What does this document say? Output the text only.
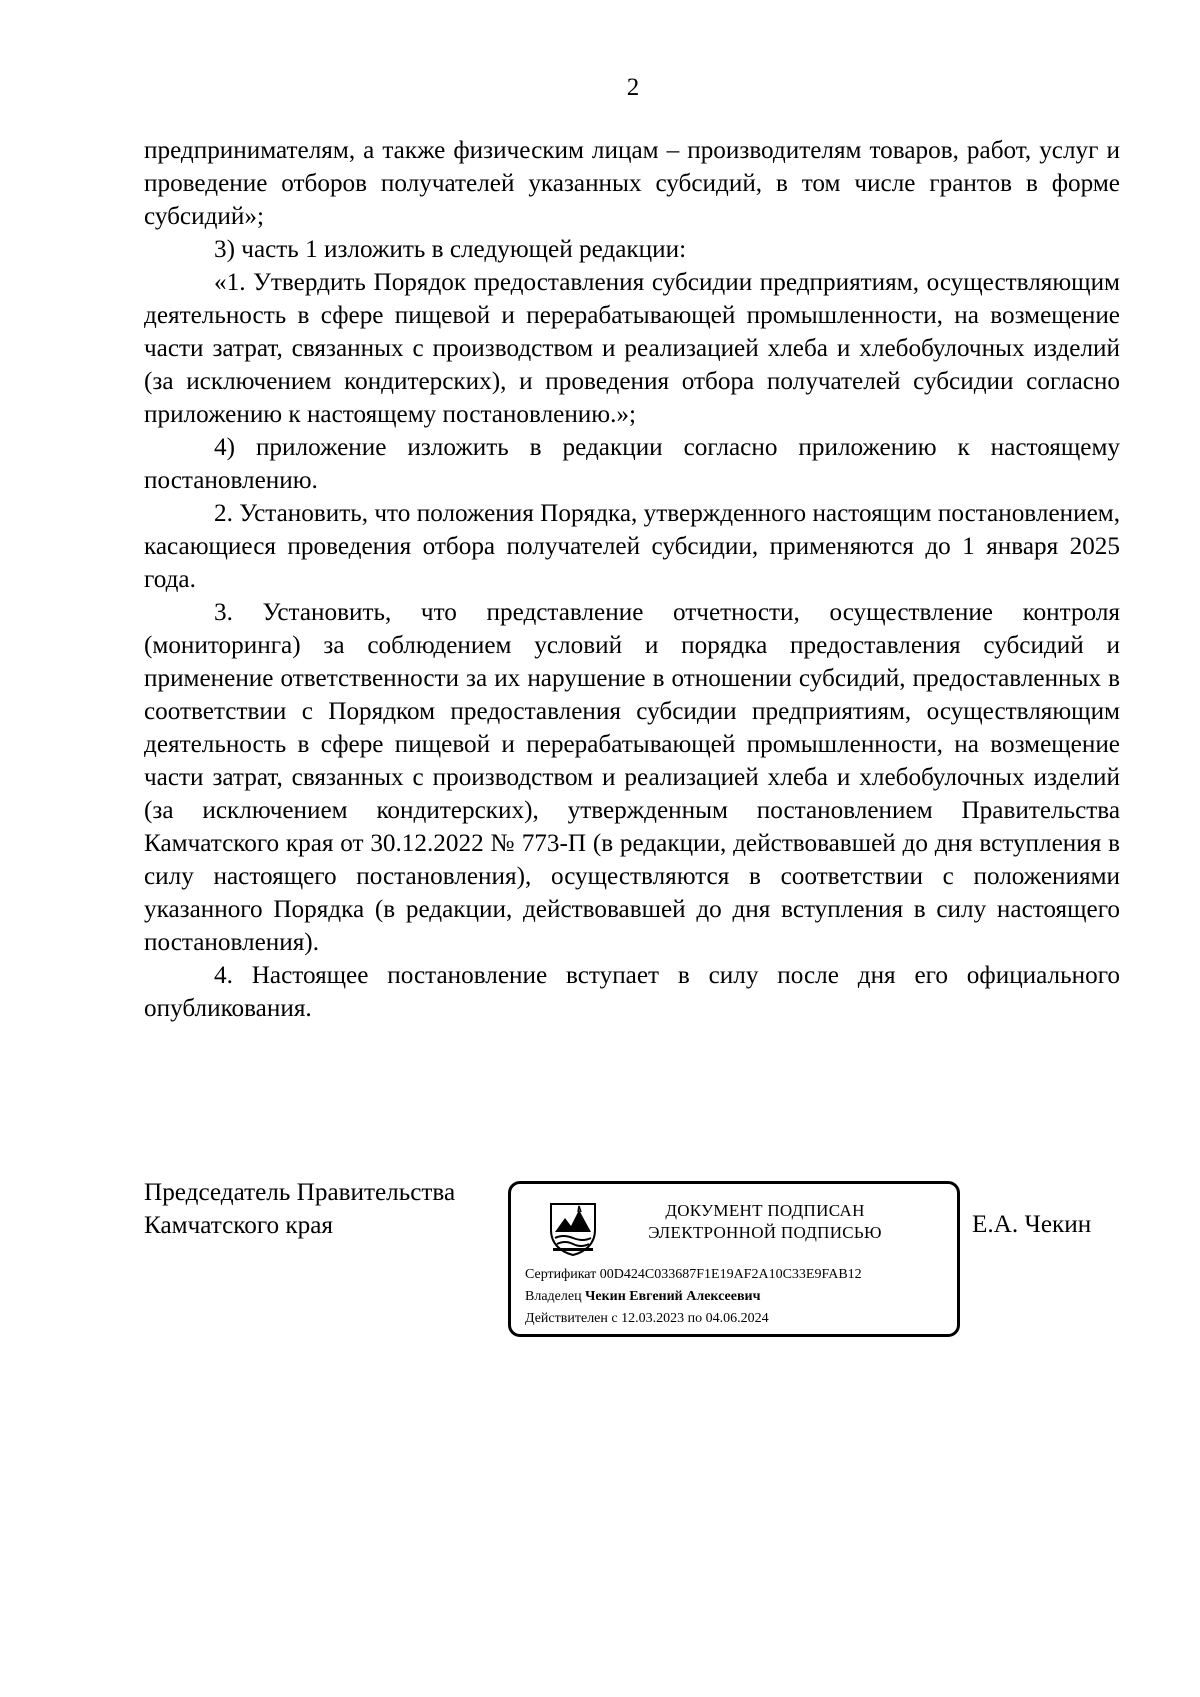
2

предпринимателям, а также физическим лицам – производителям товаров, работ, услуг и проведение отборов получателей указанных субсидий, в том числе грантов в форме субсидий»;

3) часть 1 изложить в следующей редакции:

«1. Утвердить Порядок предоставления субсидии предприятиям, осуществляющим деятельность в сфере пищевой и перерабатывающей промышленности, на возмещение части затрат, связанных с производством и реализацией хлеба и хлебобулочных изделий (за исключением кондитерских), и проведения отбора получателей субсидии согласно приложению к настоящему постановлению.»;

4) приложение изложить в редакции согласно приложению к настоящему постановлению.

2. Установить, что положения Порядка, утвержденного настоящим постановлением, касающиеся проведения отбора получателей субсидии, применяются до 1 января 2025 года.

3. Установить, что представление отчетности, осуществление контроля (мониторинга) за соблюдением условий и порядка предоставления субсидий и применение ответственности за их нарушение в отношении субсидий, предоставленных в соответствии с Порядком предоставления субсидии предприятиям, осуществляющим деятельность в сфере пищевой и перерабатывающей промышленности, на возмещение части затрат, связанных с производством и реализацией хлеба и хлебобулочных изделий (за исключением кондитерских), утвержденным постановлением Правительства Камчатского края от 30.12.2022 № 773-П (в редакции, действовавшей до дня вступления в силу настоящего постановления), осуществляются в соответствии с положениями указанного Порядка (в редакции, действовавшей до дня вступления в силу настоящего постановления).

4. Настоящее постановление вступает в силу после дня его официального опубликования.

Председатель Правительства
Камчатского края
ДОКУМЕНТ ПОДПИСАН
ЭЛЕКТРОННОЙ ПОДПИСЬЮ
Сертификат 00D424C033687F1E19AF2A10C33E9FAB12
Владелец Чекин Евгений Алексеевич
Действителен с 12.03.2023 по 04.06.2024
Е.А. Чекин
